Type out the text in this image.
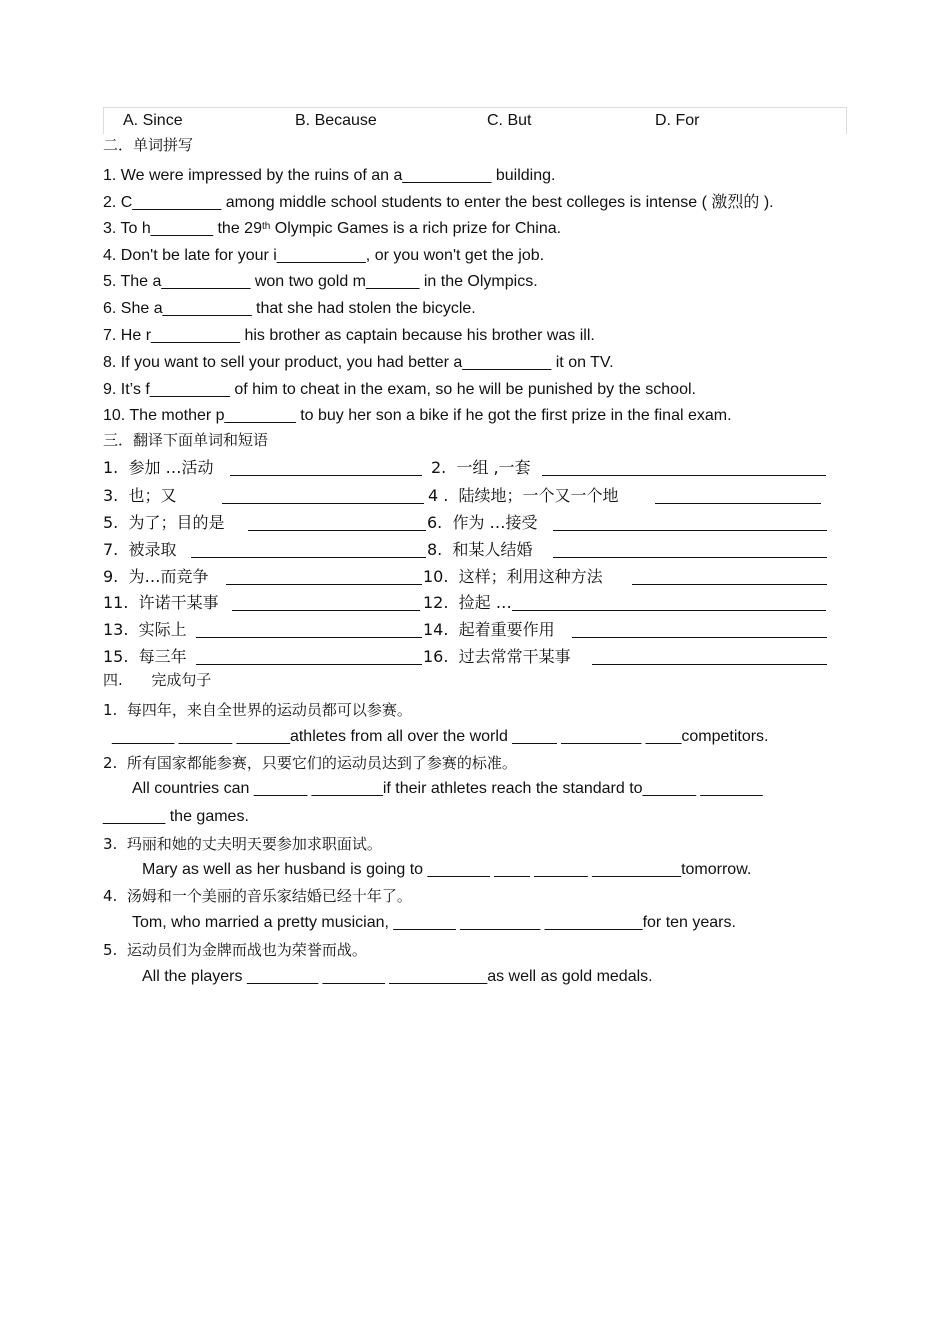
A. Since	B. Because	C. But	D. For
二．单词拼写
1. We were impressed by the ruins of an a__________ building.
2. C__________ among middle school students to enter the best colleges is intense ( 激烈的 ).
3. To h_______ the 29th Olympic Games is a rich prize for China.
4. Don't be late for your i__________, or you won't get the job.
5. The a__________ won two gold m______ in the Olympics.
6. She a__________ that she had stolen the bicycle.
7. He r__________ his brother as captain because his brother was ill.
8. If you want to sell your product, you had better a__________ it on TV.
9. It’s f_________ of him to cheat in the exam, so he will be punished by the school.
10. The mother p________ to buy her son a bike if he got the first prize in the final exam.
三．翻译下面单词和短语
1.  参加 …活动	2.  一组 ,一套
3.  也；又	4 .  陆续地；一个又一个地
5.  为了；目的是	6.  作为 …接受
7.  被录取	8.  和某人结婚
9.  为…而竞争	10.  这样；利用这种方法
11.  许诺干某事	12.  捡起 …
13.  实际上	14.  起着重要作用
15.  每三年	16.  过去常常干某事
四.      完成句子
1.  每四年，来自全世界的运动员都可以参赛。
_______ ______ ______athletes from all over the world _____ _________ ____competitors.
2.  所有国家都能参赛，只要它们的运动员达到了参赛的标准。
All countries can ______ ________if their athletes reach the standard to______ _______
_______ the games.
3.  玛丽和她的丈夫明天要参加求职面试。
Mary as well as her husband is going to _______ ____ ______ __________tomorrow.
4.  汤姆和一个美丽的音乐家结婚已经十年了。
Tom, who married a pretty musician, _______ _________ ___________for ten years.
5.  运动员们为金牌而战也为荣誉而战。
All the players ________ _______ ___________as well as gold medals.
